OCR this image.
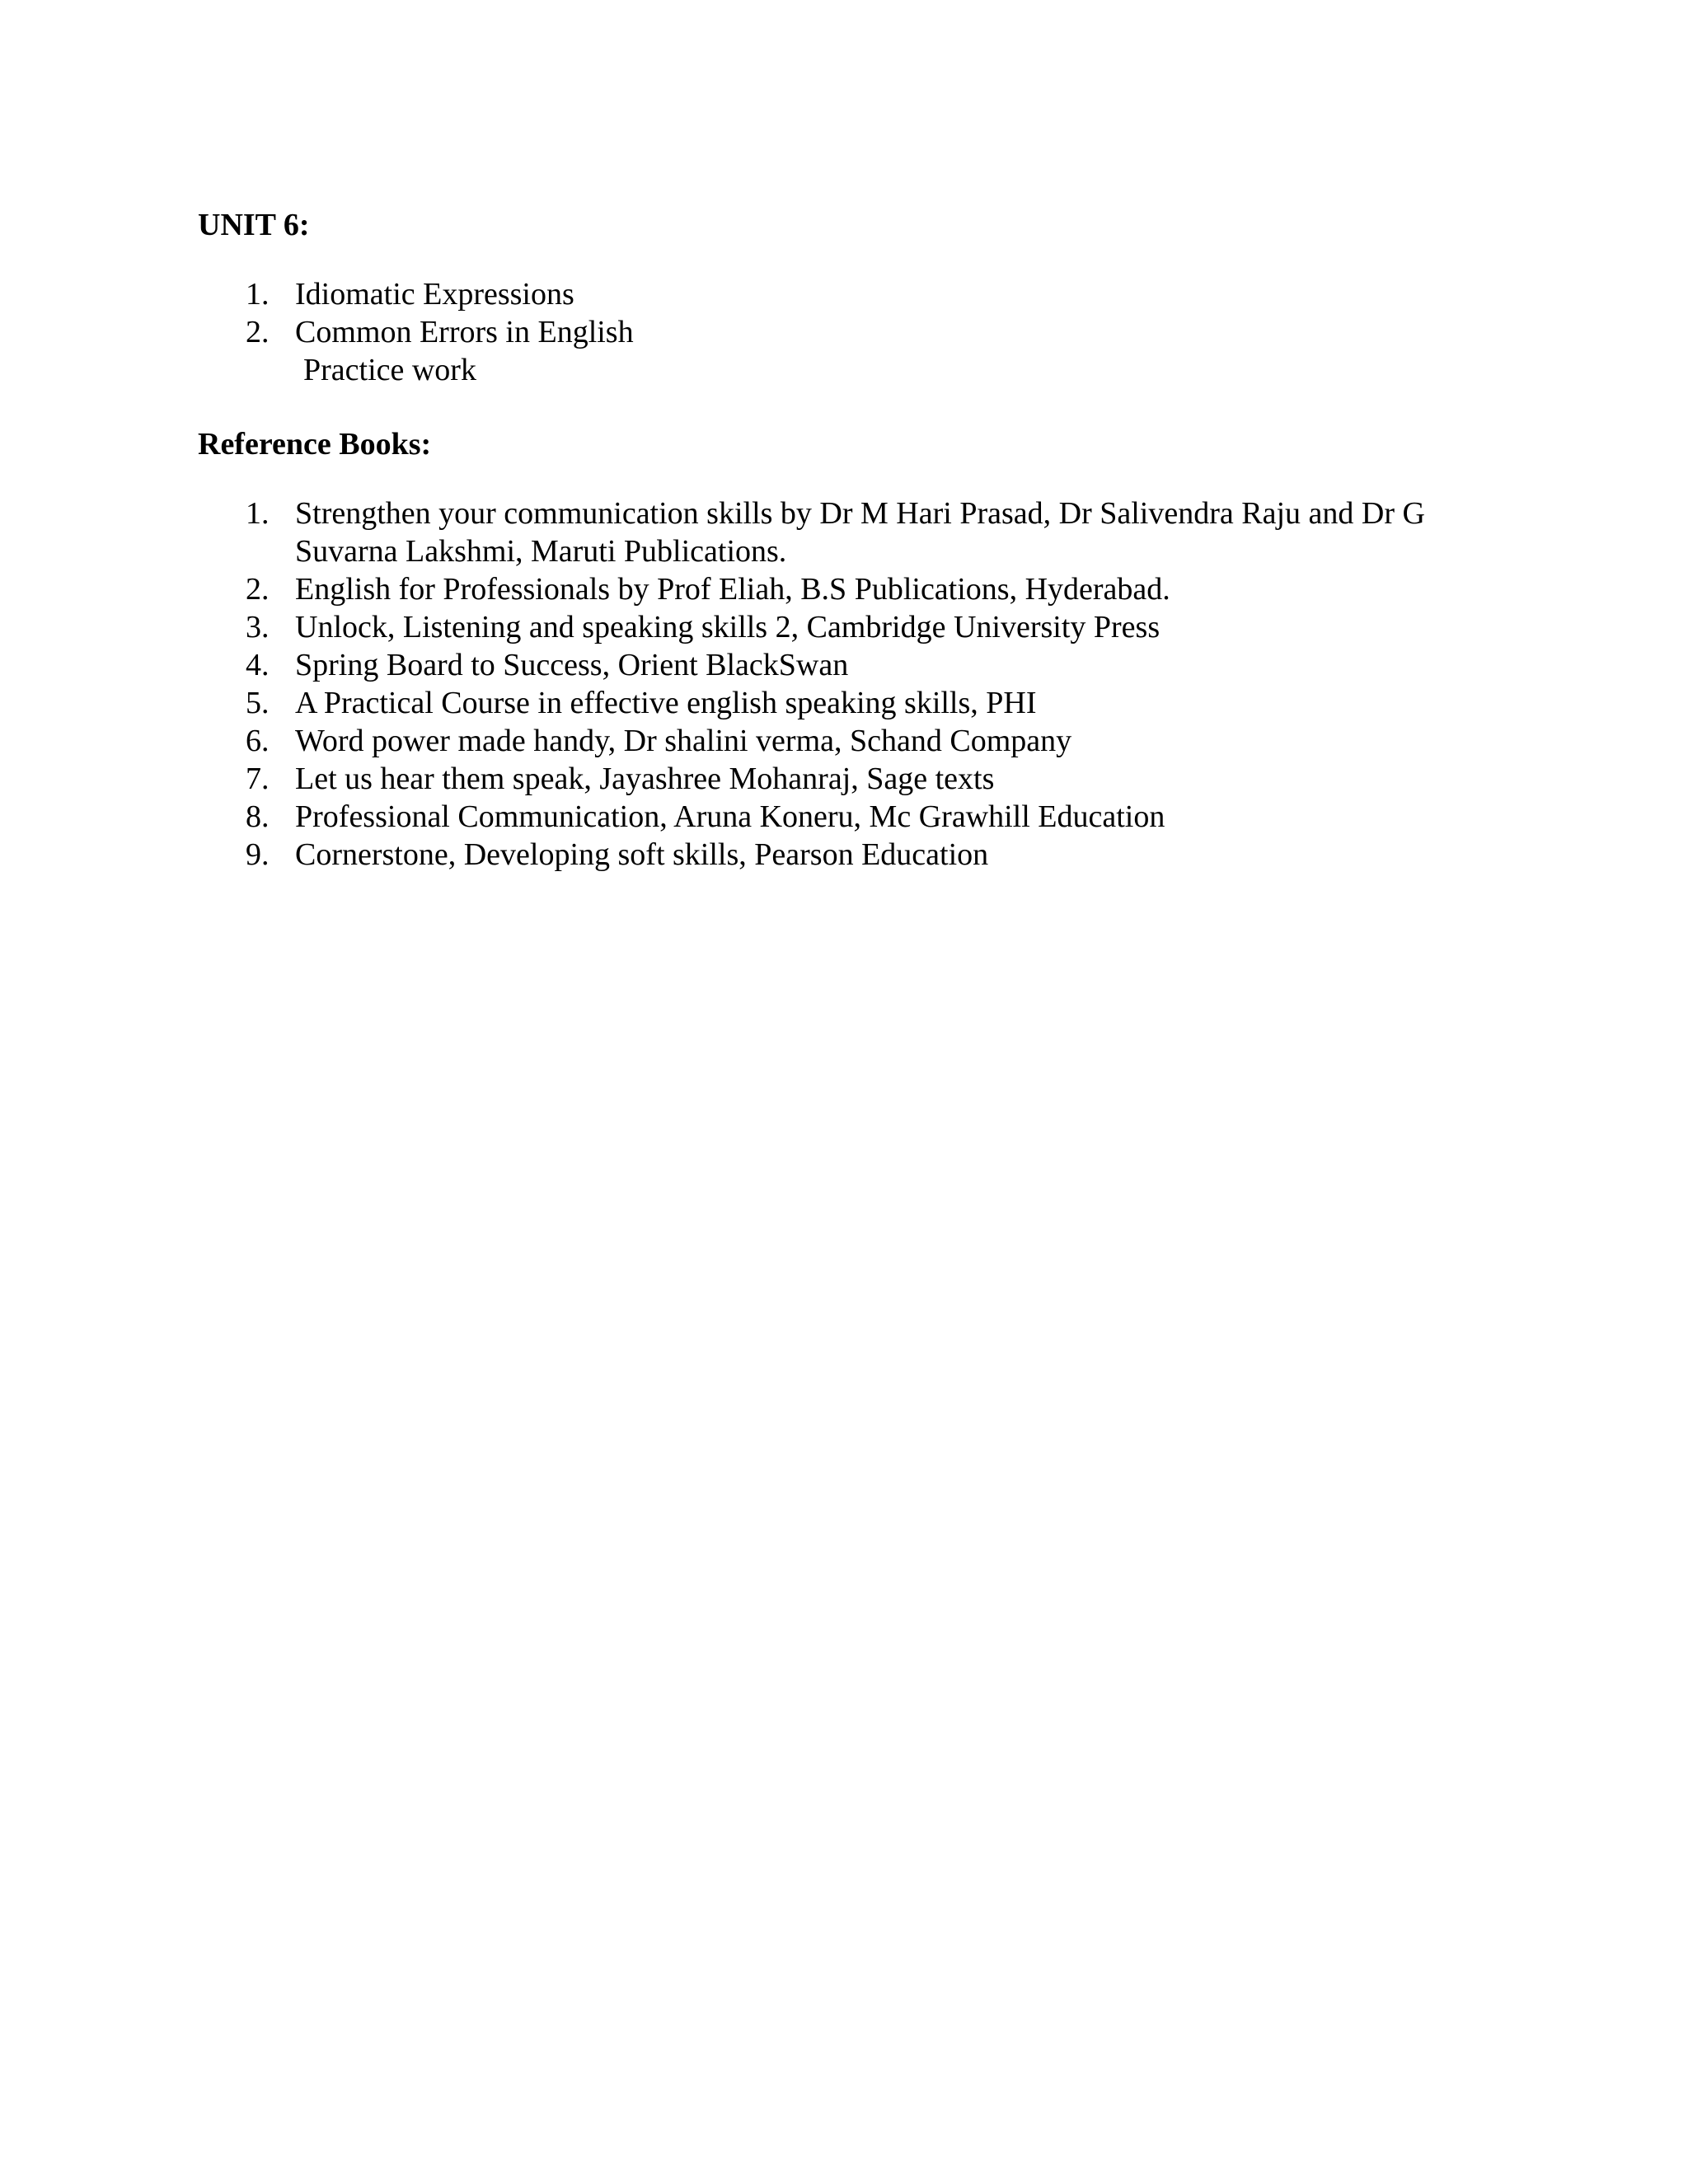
UNIT 6:
1. Idiomatic Expressions
2. Common Errors in English
Practice work
Reference Books:
1. Strengthen your communication skills by Dr M Hari Prasad, Dr Salivendra Raju and Dr G Suvarna Lakshmi, Maruti Publications.
2. English for Professionals by Prof Eliah, B.S Publications, Hyderabad.
3. Unlock, Listening and speaking skills 2, Cambridge University Press
4. Spring Board to Success, Orient BlackSwan
5. A Practical Course in effective english speaking skills, PHI
6. Word power made handy, Dr shalini verma, Schand Company
7. Let us hear them speak, Jayashree Mohanraj, Sage texts
8. Professional Communication, Aruna Koneru, Mc Grawhill Education
9. Cornerstone, Developing soft skills, Pearson Education
